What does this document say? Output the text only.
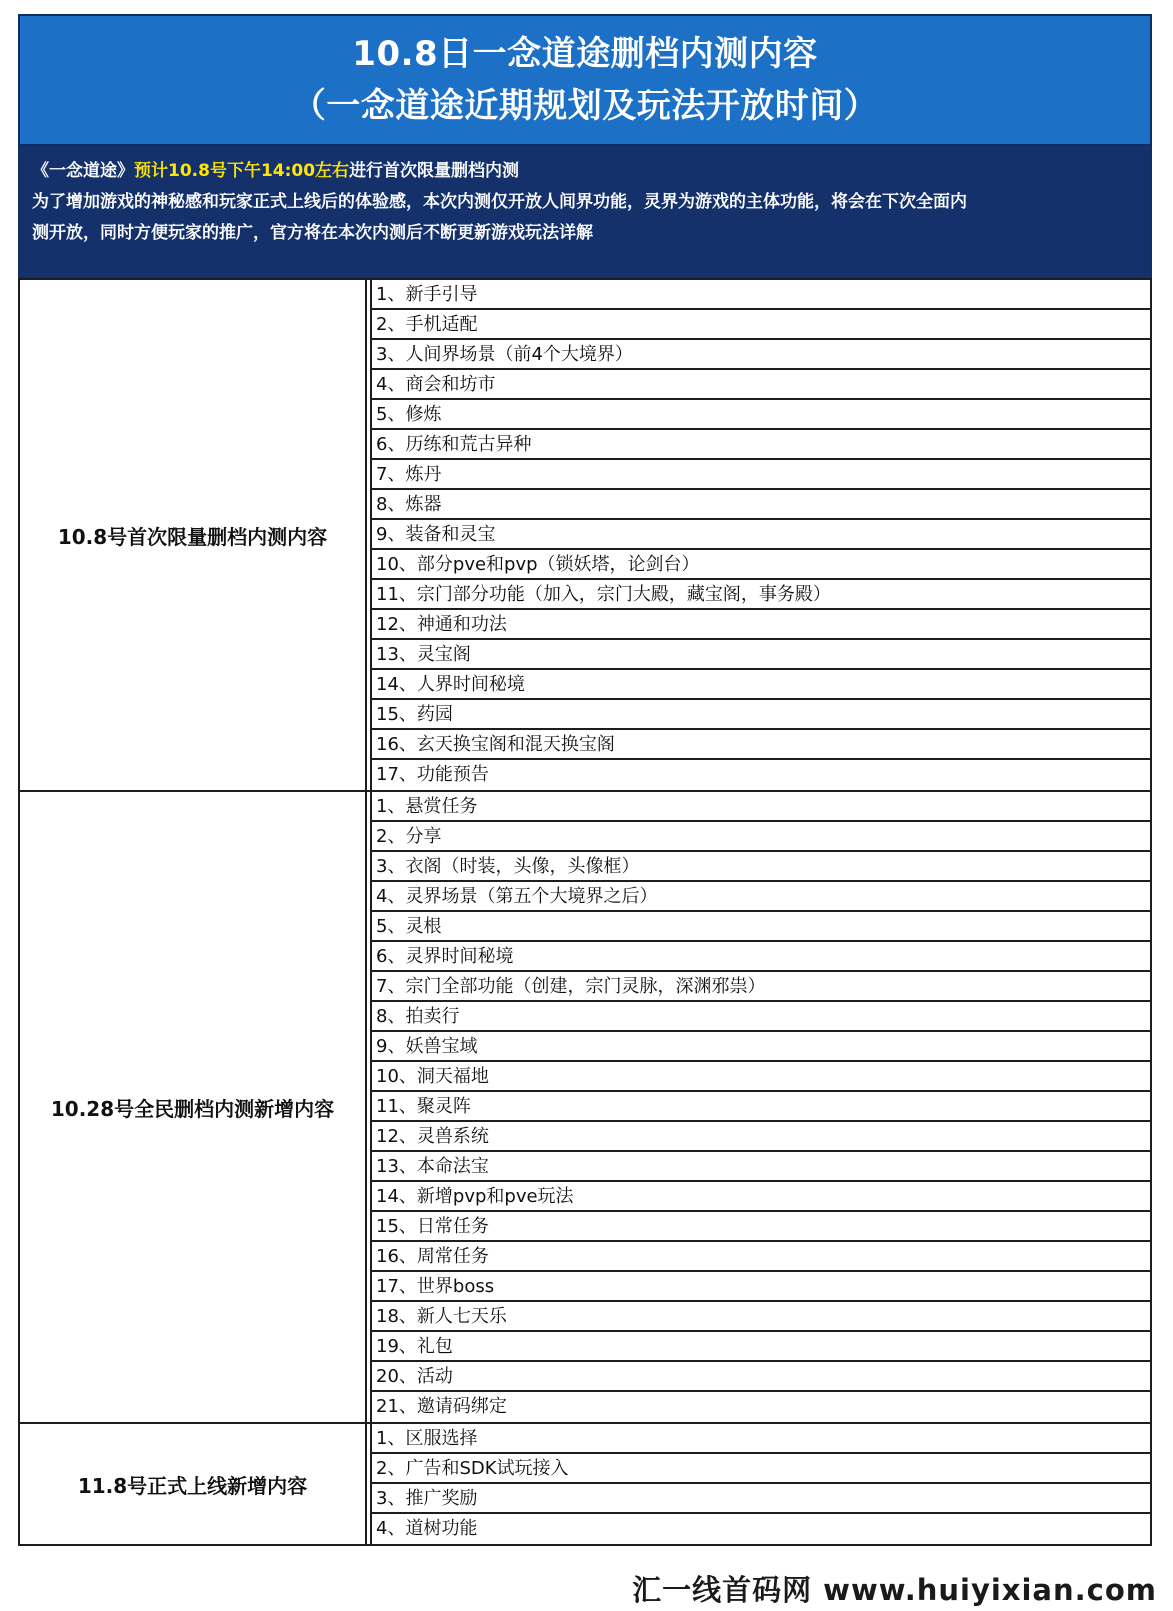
10.8日一念道途删档内测内容
（一念道途近期规划及玩法开放时间）
《一念道途》预计10.8号下午14:00左右进行首次限量删档内测
为了增加游戏的神秘感和玩家正式上线后的体验感，本次内测仅开放人间界功能，灵界为游戏的主体功能，将会在下次全面内
测开放，同时方便玩家的推广，官方将在本次内测后不断更新游戏玩法详解
10.8号首次限量删档内测内容
1、新手引导
2、手机适配
3、人间界场景（前4个大境界）
4、商会和坊市
5、修炼
6、历练和荒古异种
7、炼丹
8、炼器
9、装备和灵宝
10、部分pve和pvp（锁妖塔，论剑台）
11、宗门部分功能（加入，宗门大殿，藏宝阁，事务殿）
12、神通和功法
13、灵宝阁
14、人界时间秘境
15、药园
16、玄天换宝阁和混天换宝阁
17、功能预告
10.28号全民删档内测新增内容
1、悬赏任务
2、分享
3、衣阁（时装，头像，头像框）
4、灵界场景（第五个大境界之后）
5、灵根
6、灵界时间秘境
7、宗门全部功能（创建，宗门灵脉，深渊邪祟）
8、拍卖行
9、妖兽宝域
10、洞天福地
11、聚灵阵
12、灵兽系统
13、本命法宝
14、新增pvp和pve玩法
15、日常任务
16、周常任务
17、世界boss
18、新人七天乐
19、礼包
20、活动
21、邀请码绑定
11.8号正式上线新增内容
1、区服选择
2、广告和SDK试玩接入
3、推广奖励
4、道树功能
汇一线首码网 www.huiyixian.com
